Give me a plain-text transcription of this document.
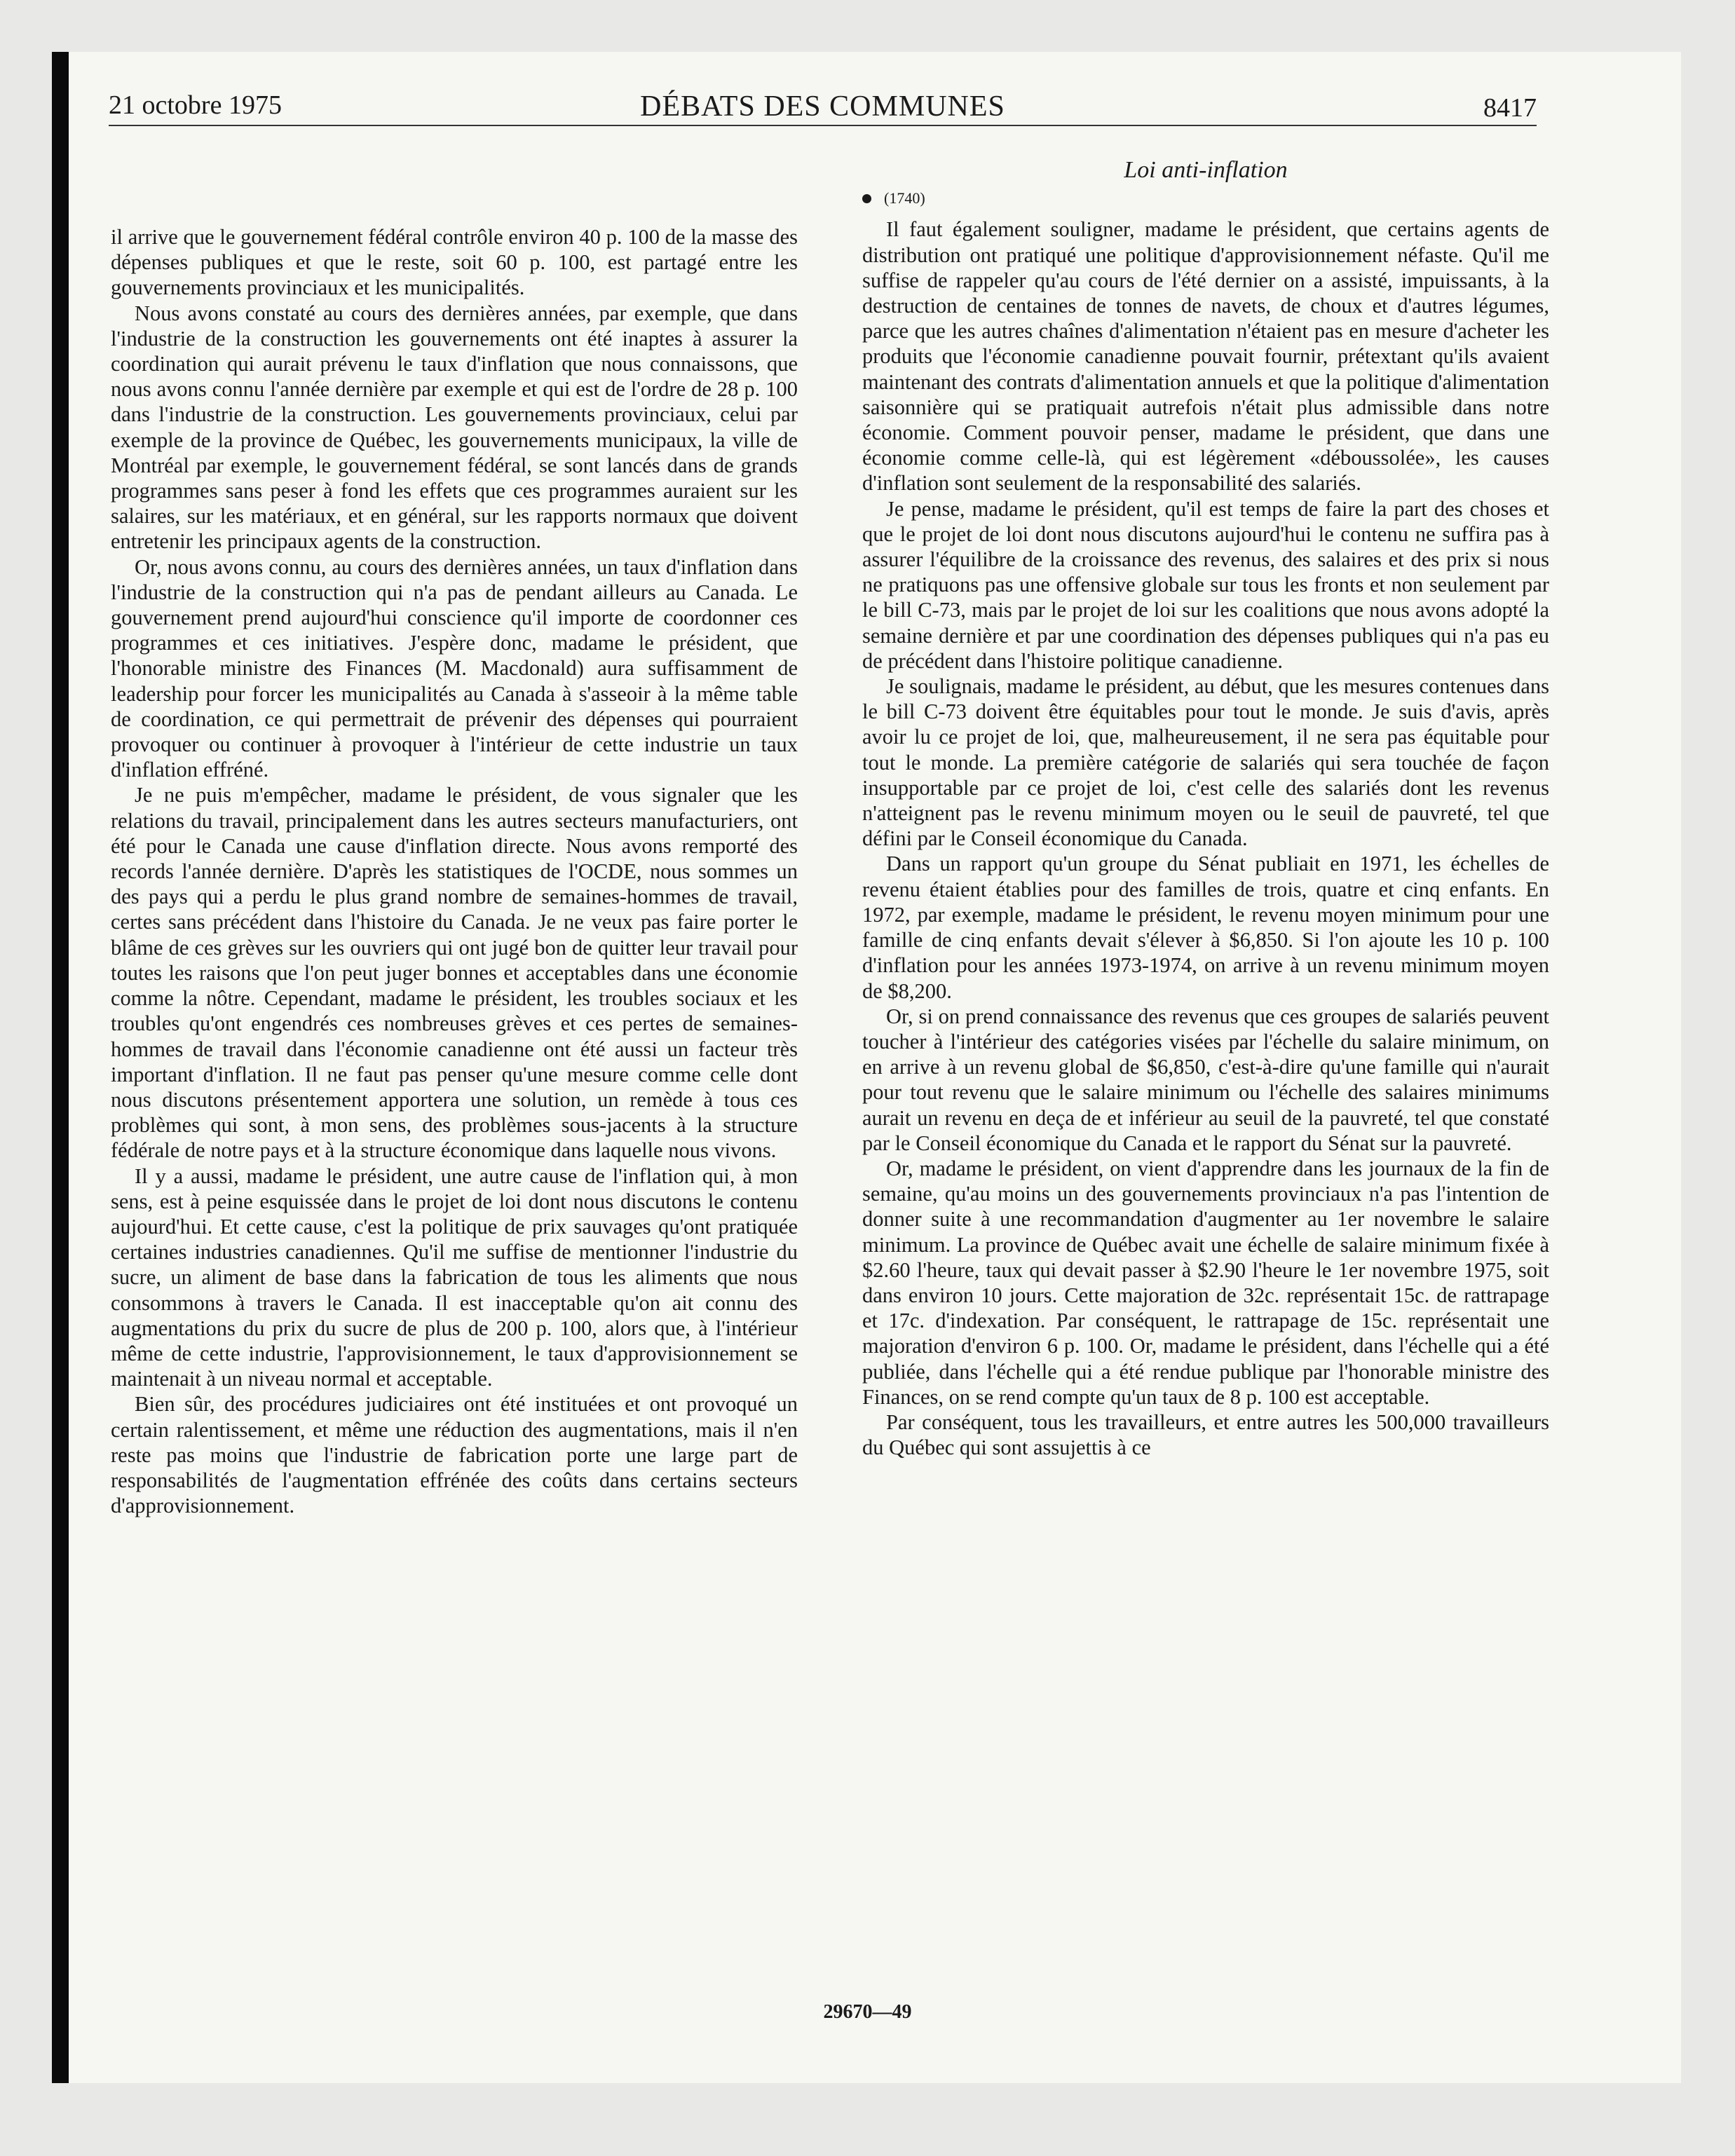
21 octobre 1975	DÉBATS DES COMMUNES	8417

il arrive que le gouvernement fédéral contrôle environ 40 p. 100 de la masse des dépenses publiques et que le reste, soit 60 p. 100, est partagé entre les gouvernements provinciaux et les municipalités.

Nous avons constaté au cours des dernières années, par exemple, que dans l'industrie de la construction les gouvernements ont été inaptes à assurer la coordination qui aurait prévenu le taux d'inflation que nous connaissons, que nous avons connu l'année dernière par exemple et qui est de l'ordre de 28 p. 100 dans l'industrie de la construction. Les gouvernements provinciaux, celui par exemple de la province de Québec, les gouvernements municipaux, la ville de Montréal par exemple, le gouvernement fédéral, se sont lancés dans de grands programmes sans peser à fond les effets que ces programmes auraient sur les salaires, sur les matériaux, et en général, sur les rapports normaux que doivent entretenir les principaux agents de la construction.

Or, nous avons connu, au cours des dernières années, un taux d'inflation dans l'industrie de la construction qui n'a pas de pendant ailleurs au Canada. Le gouvernement prend aujourd'hui conscience qu'il importe de coordonner ces programmes et ces initiatives. J'espère donc, madame le président, que l'honorable ministre des Finances (M. Macdonald) aura suffisamment de leadership pour forcer les municipalités au Canada à s'asseoir à la même table de coordination, ce qui permettrait de prévenir des dépenses qui pourraient provoquer ou continuer à provoquer à l'intérieur de cette industrie un taux d'inflation effréné.

Je ne puis m'empêcher, madame le président, de vous signaler que les relations du travail, principalement dans les autres secteurs manufacturiers, ont été pour le Canada une cause d'inflation directe. Nous avons remporté des records l'année dernière. D'après les statistiques de l'OCDE, nous sommes un des pays qui a perdu le plus grand nombre de semaines-hommes de travail, certes sans précédent dans l'histoire du Canada. Je ne veux pas faire porter le blâme de ces grèves sur les ouvriers qui ont jugé bon de quitter leur travail pour toutes les raisons que l'on peut juger bonnes et acceptables dans une économie comme la nôtre. Cependant, madame le président, les troubles sociaux et les troubles qu'ont engendrés ces nombreuses grèves et ces pertes de semaines-hommes de travail dans l'économie canadienne ont été aussi un facteur très important d'inflation. Il ne faut pas penser qu'une mesure comme celle dont nous discutons présentement apportera une solution, un remède à tous ces problèmes qui sont, à mon sens, des problèmes sous-jacents à la structure fédérale de notre pays et à la structure économique dans laquelle nous vivons.

Il y a aussi, madame le président, une autre cause de l'inflation qui, à mon sens, est à peine esquissée dans le projet de loi dont nous discutons le contenu aujourd'hui. Et cette cause, c'est la politique de prix sauvages qu'ont pratiquée certaines industries canadiennes. Qu'il me suffise de mentionner l'industrie du sucre, un aliment de base dans la fabrication de tous les aliments que nous consommons à travers le Canada. Il est inacceptable qu'on ait connu des augmentations du prix du sucre de plus de 200 p. 100, alors que, à l'intérieur même de cette industrie, l'approvisionnement, le taux d'approvisionnement se maintenait à un niveau normal et acceptable.

Bien sûr, des procédures judiciaires ont été instituées et ont provoqué un certain ralentissement, et même une réduction des augmentations, mais il n'en reste pas moins que l'industrie de fabrication porte une large part de responsabilités de l'augmentation effrénée des coûts dans certains secteurs d'approvisionnement.

Loi anti-inflation
(1740)

Il faut également souligner, madame le président, que certains agents de distribution ont pratiqué une politique d'approvisionnement néfaste. Qu'il me suffise de rappeler qu'au cours de l'été dernier on a assisté, impuissants, à la destruction de centaines de tonnes de navets, de choux et d'autres légumes, parce que les autres chaînes d'alimentation n'étaient pas en mesure d'acheter les produits que l'économie canadienne pouvait fournir, prétextant qu'ils avaient maintenant des contrats d'alimentation annuels et que la politique d'alimentation saisonnière qui se pratiquait autrefois n'était plus admissible dans notre économie. Comment pouvoir penser, madame le président, que dans une économie comme celle-là, qui est légèrement «déboussolée», les causes d'inflation sont seulement de la responsabilité des salariés.

Je pense, madame le président, qu'il est temps de faire la part des choses et que le projet de loi dont nous discutons aujourd'hui le contenu ne suffira pas à assurer l'équilibre de la croissance des revenus, des salaires et des prix si nous ne pratiquons pas une offensive globale sur tous les fronts et non seulement par le bill C-73, mais par le projet de loi sur les coalitions que nous avons adopté la semaine dernière et par une coordination des dépenses publiques qui n'a pas eu de précédent dans l'histoire politique canadienne.

Je soulignais, madame le président, au début, que les mesures contenues dans le bill C-73 doivent être équitables pour tout le monde. Je suis d'avis, après avoir lu ce projet de loi, que, malheureusement, il ne sera pas équitable pour tout le monde. La première catégorie de salariés qui sera touchée de façon insupportable par ce projet de loi, c'est celle des salariés dont les revenus n'atteignent pas le revenu minimum moyen ou le seuil de pauvreté, tel que défini par le Conseil économique du Canada.

Dans un rapport qu'un groupe du Sénat publiait en 1971, les échelles de revenu étaient établies pour des familles de trois, quatre et cinq enfants. En 1972, par exemple, madame le président, le revenu moyen minimum pour une famille de cinq enfants devait s'élever à $6,850. Si l'on ajoute les 10 p. 100 d'inflation pour les années 1973-1974, on arrive à un revenu minimum moyen de $8,200.

Or, si on prend connaissance des revenus que ces groupes de salariés peuvent toucher à l'intérieur des catégories visées par l'échelle du salaire minimum, on en arrive à un revenu global de $6,850, c'est-à-dire qu'une famille qui n'aurait pour tout revenu que le salaire minimum ou l'échelle des salaires minimums aurait un revenu en deça de et inférieur au seuil de la pauvreté, tel que constaté par le Conseil économique du Canada et le rapport du Sénat sur la pauvreté.

Or, madame le président, on vient d'apprendre dans les journaux de la fin de semaine, qu'au moins un des gouvernements provinciaux n'a pas l'intention de donner suite à une recommandation d'augmenter au 1er novembre le salaire minimum. La province de Québec avait une échelle de salaire minimum fixée à $2.60 l'heure, taux qui devait passer à $2.90 l'heure le 1er novembre 1975, soit dans environ 10 jours. Cette majoration de 32c. représentait 15c. de rattrapage et 17c. d'indexation. Par conséquent, le rattrapage de 15c. représentait une majoration d'environ 6 p. 100. Or, madame le président, dans l'échelle qui a été publiée, dans l'échelle qui a été rendue publique par l'honorable ministre des Finances, on se rend compte qu'un taux de 8 p. 100 est acceptable.

Par conséquent, tous les travailleurs, et entre autres les 500,000 travailleurs du Québec qui sont assujettis à ce

29670—49
